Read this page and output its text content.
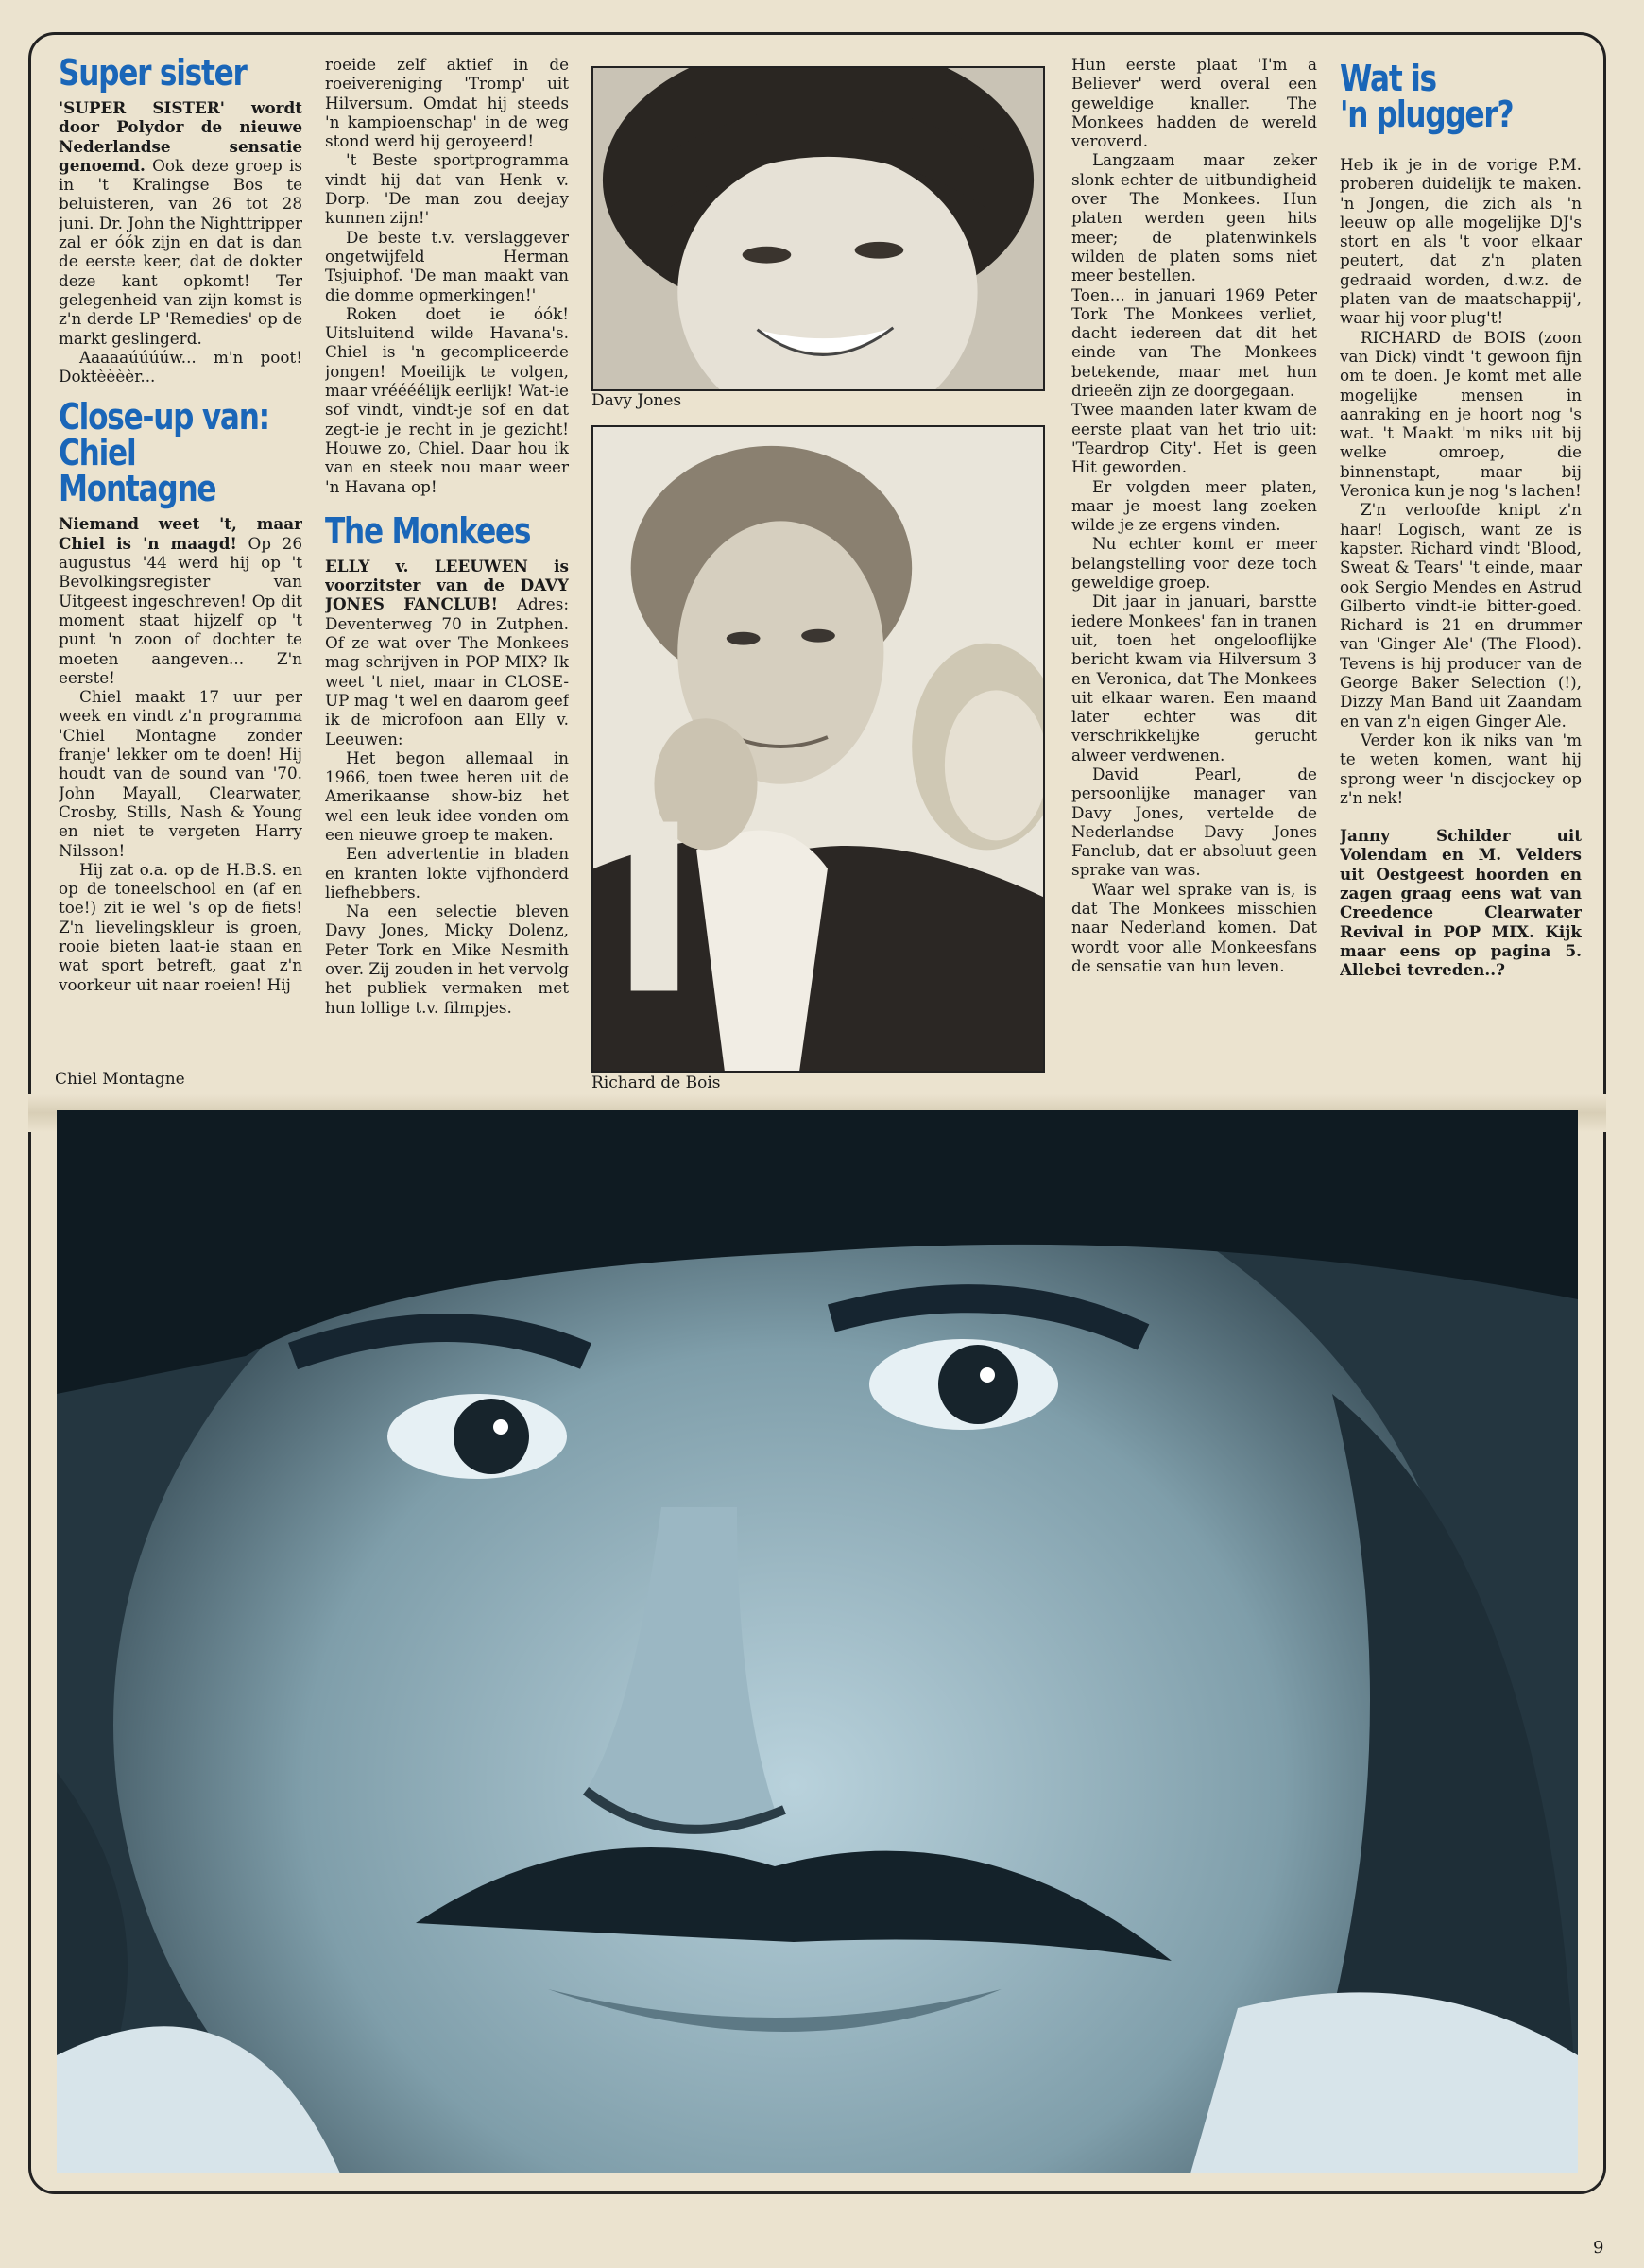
Super sister

'SUPER SISTER' wordt door Polydor de nieuwe Nederlandse sensatie genoemd. Ook deze groep is in 't Kralingse Bos te beluisteren, van 26 tot 28 juni. Dr. John the Nighttripper zal er óók zijn en dat is dan de eerste keer, dat de dokter deze kant opkomt! Ter gelegenheid van zijn komst is z'n derde LP 'Remedies' op de markt geslingerd.

Aaaaaúúúúw... m'n poot! Doktèèèèr...

Close-up van:
Chiel
Montagne

Niemand weet 't, maar Chiel is 'n maagd! Op 26 augustus '44 werd hij op 't Bevolkingsregister van Uitgeest ingeschreven! Op dit moment staat hijzelf op 't punt 'n zoon of dochter te moeten aangeven... Z'n eerste!

Chiel maakt 17 uur per week en vindt z'n programma 'Chiel Montagne zonder franje' lekker om te doen! Hij houdt van de sound van '70. John Mayall, Clearwater, Crosby, Stills, Nash & Young en niet te vergeten Harry Nilsson!

Hij zat o.a. op de H.B.S. en op de toneelschool en (af en toe!) zit ie wel 's op de fiets! Z'n lievelingskleur is groen, rooie bieten laat-ie staan en wat sport betreft, gaat z'n voorkeur uit naar roeien! Hij

roeide zelf aktief in de roeivereniging 'Tromp' uit Hilversum. Omdat hij steeds 'n kampioenschap' in de weg stond werd hij geroyeerd!

't Beste sportprogramma vindt hij dat van Henk v. Dorp. 'De man zou deejay kunnen zijn!'

De beste t.v. verslaggever ongetwijfeld Herman Tsjuiphof. 'De man maakt van die domme opmerkingen!'

Roken doet ie óók! Uitsluitend wilde Havana's. Chiel is 'n gecompliceerde jongen! Moeilijk te volgen, maar vréééélijk eerlijk! Wat-ie sof vindt, vindt-je sof en dat zegt-ie je recht in je gezicht! Houwe zo, Chiel. Daar hou ik van en steek nou maar weer 'n Havana op!

The Monkees

ELLY v. LEEUWEN is voorzitster van de DAVY JONES FANCLUB! Adres: Deventerweg 70 in Zutphen. Of ze wat over The Monkees mag schrijven in POP MIX? Ik weet 't niet, maar in CLOSE-UP mag 't wel en daarom geef ik de microfoon aan Elly v. Leeuwen:

Het begon allemaal in 1966, toen twee heren uit de Amerikaanse show-biz het wel een leuk idee vonden om een nieuwe groep te maken.

Een advertentie in bladen en kranten lokte vijfhonderd liefhebbers.

Na een selectie bleven Davy Jones, Micky Dolenz, Peter Tork en Mike Nesmith over. Zij zouden in het vervolg het publiek vermaken met hun lollige t.v. filmpjes.

Davy Jones
Richard de Bois

Hun eerste plaat 'I'm a Believer' werd overal een geweldige knaller. The Monkees hadden de wereld veroverd.

Langzaam maar zeker slonk echter de uitbundigheid over The Monkees. Hun platen werden geen hits meer; de platenwinkels wilden de platen soms niet meer bestellen.

Toen... in januari 1969 Peter Tork The Monkees verliet, dacht iedereen dat dit het einde van The Monkees betekende, maar met hun drieeën zijn ze doorgegaan.

Twee maanden later kwam de eerste plaat van het trio uit: 'Teardrop City'. Het is geen Hit geworden.

Er volgden meer platen, maar je moest lang zoeken wilde je ze ergens vinden.

Nu echter komt er meer belangstelling voor deze toch geweldige groep.

Dit jaar in januari, barstte iedere Monkees' fan in tranen uit, toen het ongelooflijke bericht kwam via Hilversum 3 en Veronica, dat The Monkees uit elkaar waren. Een maand later echter was dit verschrikkelijke gerucht alweer verdwenen.

David Pearl, de persoonlijke manager van Davy Jones, vertelde de Nederlandse Davy Jones Fanclub, dat er absoluut geen sprake van was.

Waar wel sprake van is, is dat The Monkees misschien naar Nederland komen. Dat wordt voor alle Monkeesfans de sensatie van hun leven.

Wat is
'n plugger?

Heb ik je in de vorige P.M. proberen duidelijk te maken. 'n Jongen, die zich als 'n leeuw op alle mogelijke DJ's stort en als 't voor elkaar peutert, dat z'n platen gedraaid worden, d.w.z. de platen van de maatschappij', waar hij voor plug't!

RICHARD de BOIS (zoon van Dick) vindt 't gewoon fijn om te doen. Je komt met alle mogelijke mensen in aanraking en je hoort nog 's wat. 't Maakt 'm niks uit bij welke omroep, die binnenstapt, maar bij Veronica kun je nog 's lachen!

Z'n verloofde knipt z'n haar! Logisch, want ze is kapster. Richard vindt 'Blood, Sweat & Tears' 't einde, maar ook Sergio Mendes en Astrud Gilberto vindt-ie bitter-goed. Richard is 21 en drummer van 'Ginger Ale' (The Flood). Tevens is hij producer van de George Baker Selection (!), Dizzy Man Band uit Zaandam en van z'n eigen Ginger Ale.

Verder kon ik niks van 'm te weten komen, want hij sprong weer 'n discjockey op z'n nek!

Janny Schilder uit Volendam en M. Velders uit Oestgeest hoorden en zagen graag eens wat van Creedence Clearwater Revival in POP MIX. Kijk maar eens op pagina 5. Allebei tevreden..?

Chiel Montagne
9
